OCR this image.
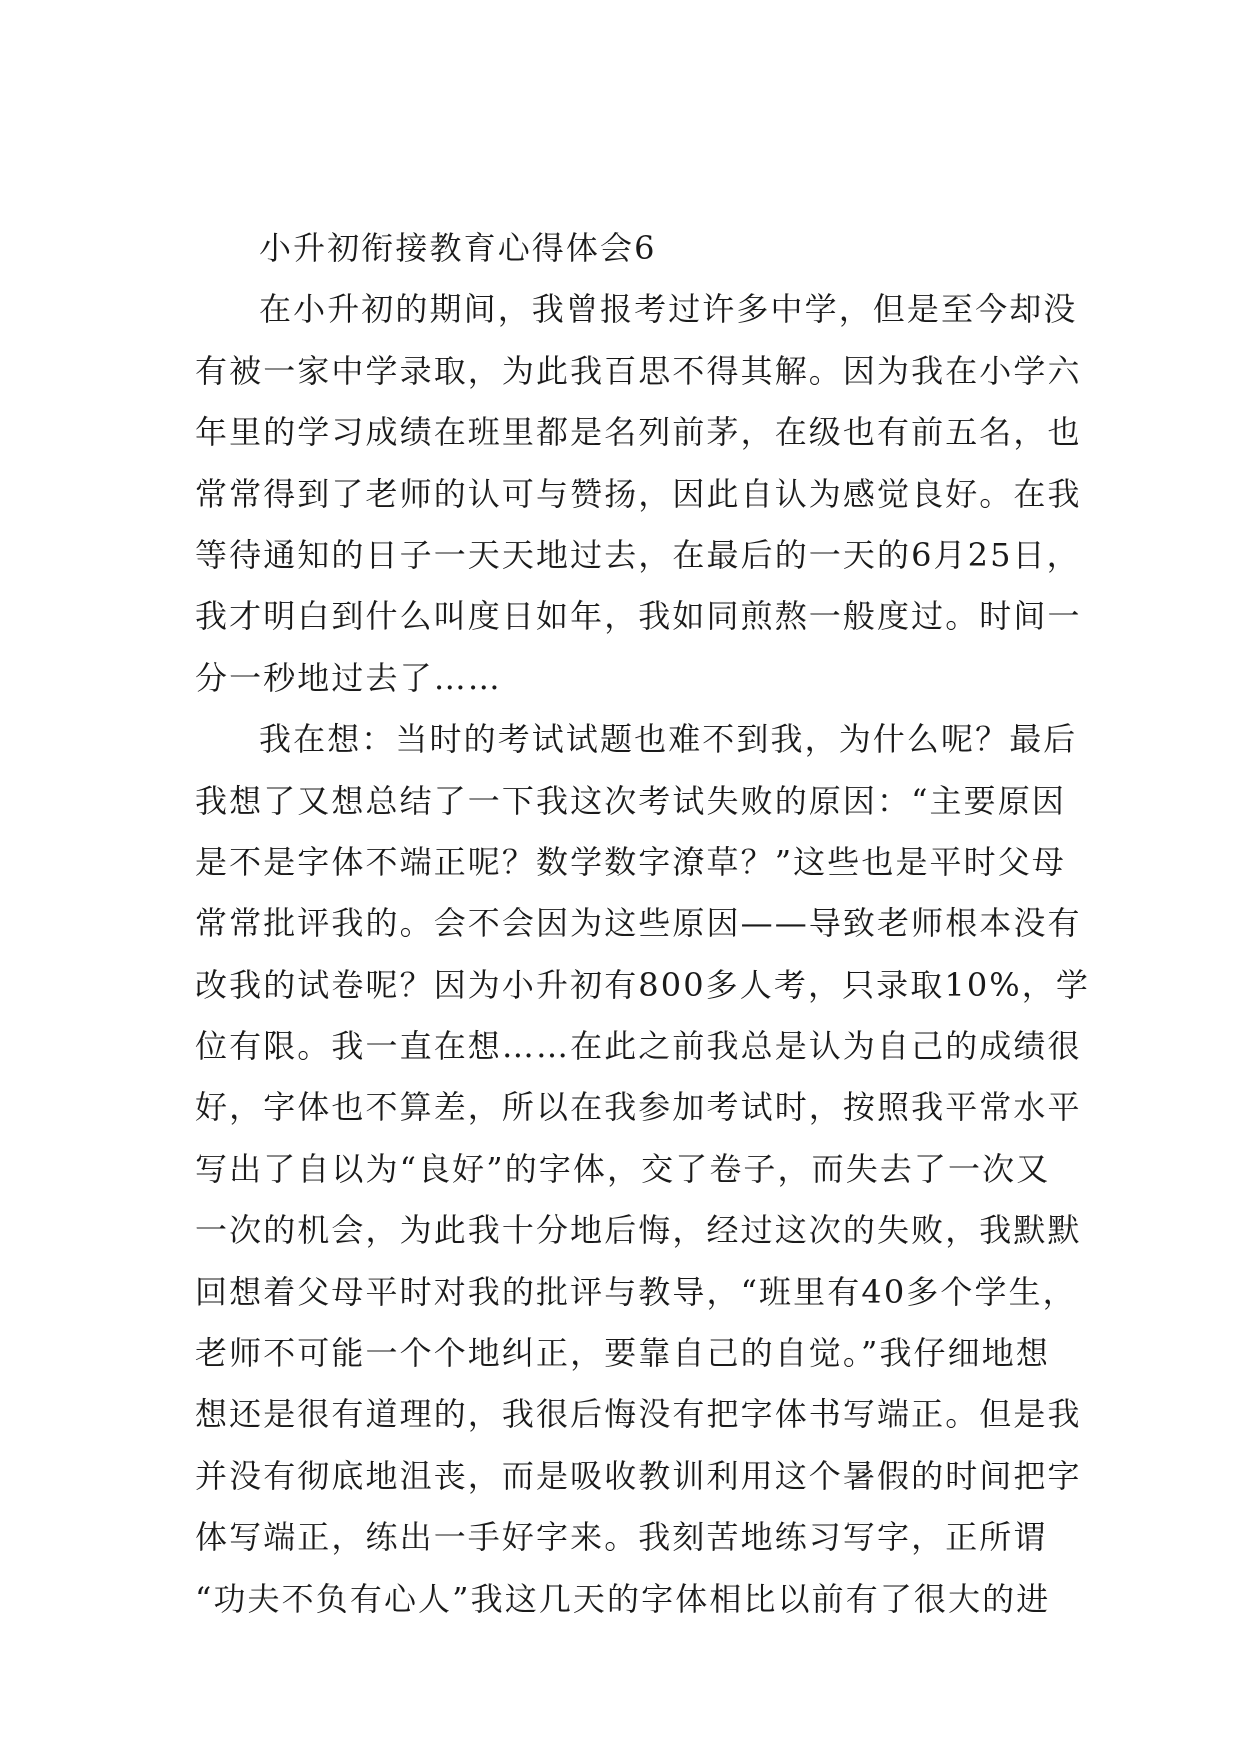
小升初衔接教育心得体会6
在小升初的期间，我曾报考过许多中学，但是至今却没
有被一家中学录取，为此我百思不得其解。因为我在小学六
年里的学习成绩在班里都是名列前茅，在级也有前五名，也
常常得到了老师的认可与赞扬，因此自认为感觉良好。在我
等待通知的日子一天天地过去，在最后的一天的6月25日，
我才明白到什么叫度日如年，我如同煎熬一般度过。时间一
分一秒地过去了……
我在想：当时的考试试题也难不到我，为什么呢？最后
我想了又想总结了一下我这次考试失败的原因：“主要原因
是不是字体不端正呢？数学数字潦草？”这些也是平时父母
常常批评我的。会不会因为这些原因——导致老师根本没有
改我的试卷呢？因为小升初有800多人考，只录取10%，学
位有限。我一直在想……在此之前我总是认为自己的成绩很
好，字体也不算差，所以在我参加考试时，按照我平常水平
写出了自以为“良好”的字体，交了卷子，而失去了一次又
一次的机会，为此我十分地后悔，经过这次的失败，我默默
回想着父母平时对我的批评与教导，“班里有40多个学生，
老师不可能一个个地纠正，要靠自己的自觉。”我仔细地想
想还是很有道理的，我很后悔没有把字体书写端正。但是我
并没有彻底地沮丧，而是吸收教训利用这个暑假的时间把字
体写端正，练出一手好字来。我刻苦地练习写字，正所谓
“功夫不负有心人”我这几天的字体相比以前有了很大的进
